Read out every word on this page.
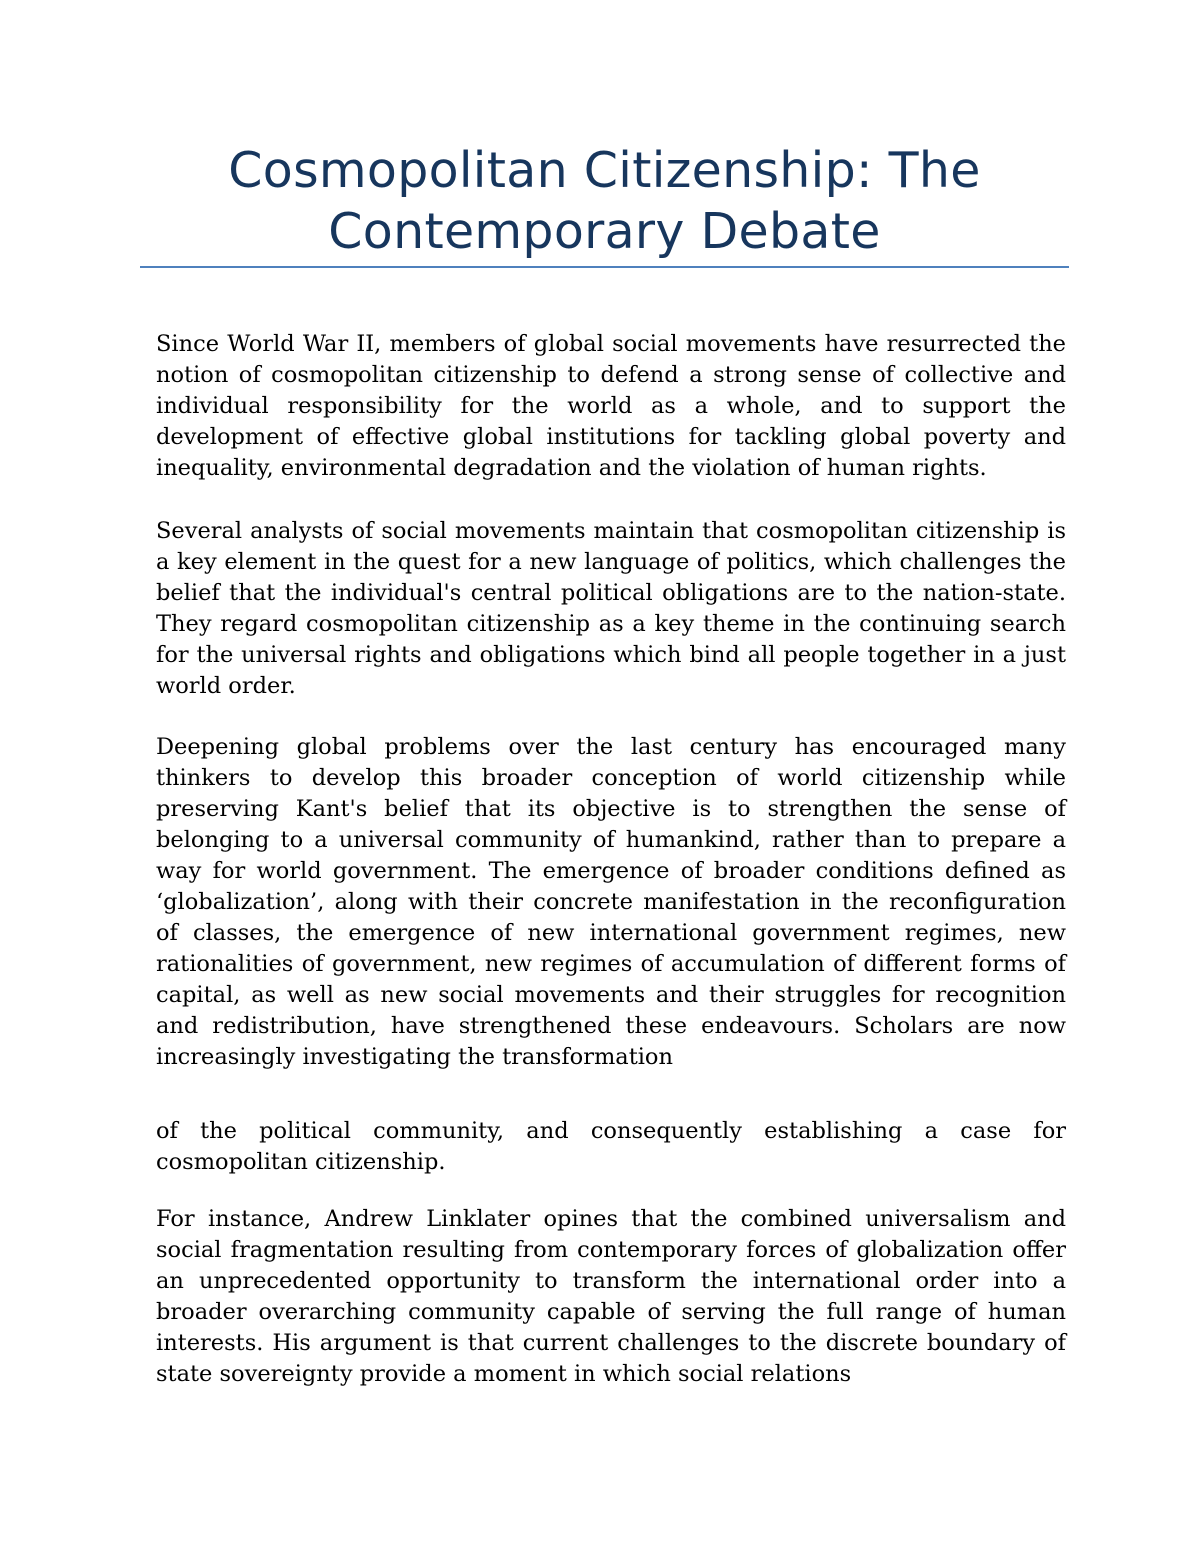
Cosmopolitan Citizenship: The
Contemporary Debate

Since World War II, members of global social movements have resurrected the notion of cosmopolitan citizenship to defend a strong sense of collective and individual responsibility for the world as a whole, and to support the development of effective global institutions for tackling global poverty and inequality, environmental degradation and the violation of human rights.

Several analysts of social movements maintain that cosmopolitan citizenship is a key element in the quest for a new language of politics, which challenges the belief that the individual's central political obligations are to the nation-state. They regard cosmopolitan citizenship as a key theme in the continuing search for the universal rights and obligations which bind all people together in a just world order.

Deepening global problems over the last century has encouraged many thinkers to develop this broader conception of world citizenship while preserving Kant's belief that its objective is to strengthen the sense of belonging to a universal community of humankind, rather than to prepare a way for world government. The emergence of broader conditions defined as ‘globalization’, along with their concrete manifestation in the reconfiguration of classes, the emergence of new international government regimes, new rationalities of government, new regimes of accumulation of different forms of capital, as well as new social movements and their struggles for recognition and redistribution, have strengthened these endeavours. Scholars are now increasingly investigating the transformation

of the political community, and consequently establishing a case for cosmopolitan citizenship.

For instance, Andrew Linklater opines that the combined universalism and social fragmentation resulting from contemporary forces of globalization offer an unprecedented opportunity to transform the international order into a broader overarching community capable of serving the full range of human interests. His argument is that current challenges to the discrete boundary of state sovereignty provide a moment in which social relations
